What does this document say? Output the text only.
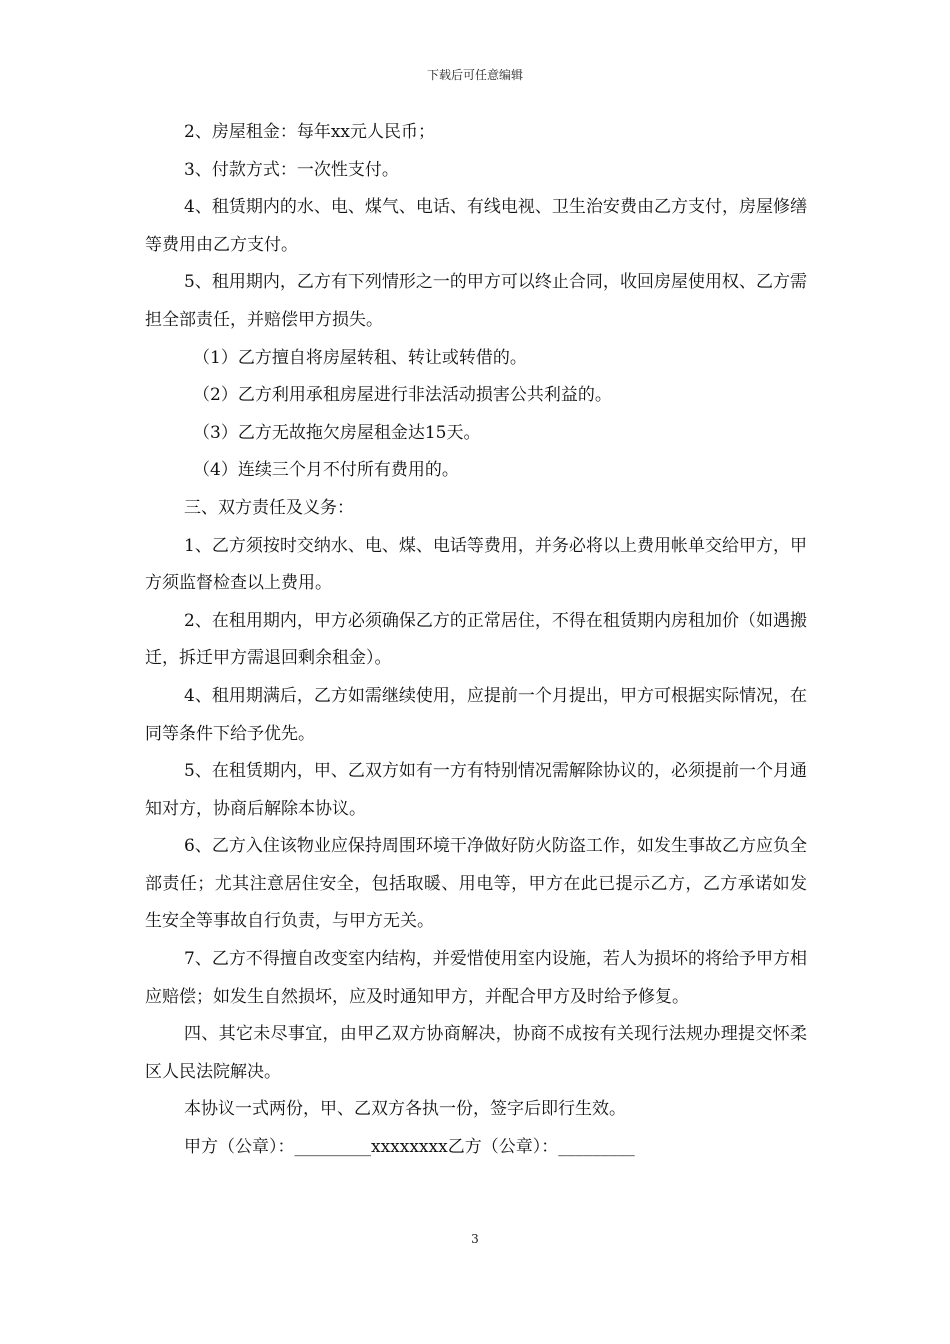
下载后可任意编辑

2、房屋租金：每年xx元人民币；

3、付款方式：一次性支付。

4、租赁期内的水、电、煤气、电话、有线电视、卫生治安费由乙方支付，房屋修缮等费用由乙方支付。

5、租用期内，乙方有下列情形之一的甲方可以终止合同，收回房屋使用权、乙方需担全部责任，并赔偿甲方损失。

（1）乙方擅自将房屋转租、转让或转借的。

（2）乙方利用承租房屋进行非法活动损害公共利益的。

（3）乙方无故拖欠房屋租金达15天。

（4）连续三个月不付所有费用的。

三、双方责任及义务：

1、乙方须按时交纳水、电、煤、电话等费用，并务必将以上费用帐单交给甲方，甲方须监督检查以上费用。

2、在租用期内，甲方必须确保乙方的正常居住，不得在租赁期内房租加价（如遇搬迁，拆迁甲方需退回剩余租金）。

4、租用期满后，乙方如需继续使用，应提前一个月提出，甲方可根据实际情况，在同等条件下给予优先。

5、在租赁期内，甲、乙双方如有一方有特别情况需解除协议的，必须提前一个月通知对方，协商后解除本协议。

6、乙方入住该物业应保持周围环境干净做好防火防盗工作，如发生事故乙方应负全部责任；尤其注意居住安全，包括取暖、用电等，甲方在此已提示乙方，乙方承诺如发生安全等事故自行负责，与甲方无关。

7、乙方不得擅自改变室内结构，并爱惜使用室内设施，若人为损坏的将给予甲方相应赔偿；如发生自然损坏，应及时通知甲方，并配合甲方及时给予修复。

四、其它未尽事宜，由甲乙双方协商解决，协商不成按有关现行法规办理提交怀柔区人民法院解决。

本协议一式两份，甲、乙双方各执一份，签字后即行生效。

甲方（公章）：_________xxxxxxxx乙方（公章）：_________

3
